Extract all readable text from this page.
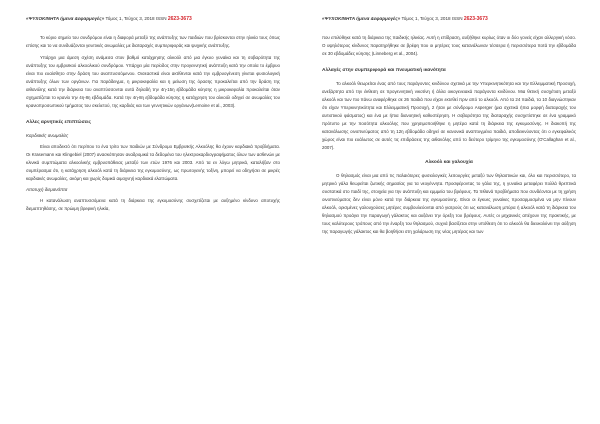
«ΨΥΧΟΚΙΝΗΤΑ ήμενα &εφαρμογές» Τόμος 1, Τεύχος 3, 2018 ISSN 2623-3673

Το κύριο σημείο του συνδρόμου είναι η διαφορά μεταξύ της ανάπτυξης των παιδιών που βρίσκονται στην ηλικία τους όπως επίσης και το να συνδυάζονται γενετικές ανωμαλίες με διαταραχές συμπεριφοράς και ψυχικής ανάπτυξης.

Υπάρχει μια άμεση σχέση ανάμεσα στον βαθμό κατάχρησης αλκοόλ από μια έγκυο γυναίκα και τη σοβαρότητα της ανάπτυξης του εμβρυϊκού αλκοολικού συνδρόμου. Υπάρχει μία περίοδος στην προγεννητική ανάπτυξη κατά την οποία το έμβρυο είναι πιο ευαίσθητο στην δράση του αναπτυσσόμενου. Οισεαστικά είναι ακτίθενται κατά την εμβρυογένεση γίνεται φυσιολογική ανάπτυξης όλων των οργάνων. Για παράδειγμα, η μικροκεφαλία και η μείωση της όρασης προκαλείται από την δράση της αιθανόλης κατά την διάρκεια του αναπτύσσονται αυτά δηλαδή την 4η-15η εβδομάδα κύησης η μικροκεφαλία προκαλείται όταν σχηματίζεται το κρανίο την 4η-8η εβδομάδα. Κατά την 4η-8η εβδομάδα κύησης η κατάχρηση του αλκοόλ οδηγεί σε ανωμαλίες του κρανιοπροσωπικού τμήματος του σκελετού, της καρδιάς και των γεννητικών οργάνων(Lemoine et al., 2003).

Αλλες αρνητικές επιπτώσεις
Καρδιακές ανωμαλίες

Είναι αποδεκτό ότι περίπου το ένα τρίτο των παιδιών με Σύνδρομο Εμβρυϊκής Αλκοόλης θα έχουν καρδιακά προβλήματα. Οι Krasemann και Klingebiel (2007) ανασκόπησαν αναδρομικά τα δεδομένα του ηλεκτροκαρδιογραφήματος όλων των ασθενών με κλινικά συμπτώματα αλκοολικής εμβρυοπάθειας μεταξύ των ετών 1976 και 2003. Από τα εν λόγω μητρικά, καταλήξαν στο συμπέρασμα ότι, η κατάχρηση αλκοόλ κατά τη διάρκεια της εγκυμοσύνης, ως πρωτογενής τοξίνη, μπορεί να οδηγήσει σε μικρές καρδιακές ανωμαλίες, ακόμη και χωρίς δομικά αιμοχνηή καρδιακά ελαττώματα.

Αποτυχή διεμανάπτα

Η κατανάλωση αναπτυσσόμενα κατά τη διάρκεια της εγκυμοσύνης συσχετίζεται με αυξημένο κίνδυνο αποτυχής διεμαπτηθάσης, σε πρώιμη βρεφική ηλικία,

«ΨΥΧΟΚΙΝΗΤΑ ήμενα &εφαρμογές» Τόμος 1, Τεύχος 3, 2018 ISSN 2623-3673

που επιλύθηκε κατά τη διάρκεια της παιδικής ηλικίας. Αυτή η επίδραση, αυξήθηκε κυρίως όταν οι δύο γονείς είχαν αλλεργική νόσο. Ο υψηλότερος κίνδυνος παρατηρήθηκε σε βρέφη που οι μητέρες τους κατανάλωναν τέσσερα ή περισσότερα ποτά την εβδομάδα σε 30 εβδομάδες κύησης (Linneberg et al., 2004).

Αλλαγές στην συμπεριφορά και πνευματική ικανότητα

Το αλκοόλ θεωρείται ένας από τους παράγοντες κινδύνου σχετικά με την Υπερκινητικότητα και την Ελλειμματική Προσοχή, ανεξάρτητα από την έκθεση σε προγεννητική νικοτίνη ή άλλα οικογενειακά παράγοντα κινδύνου. Μια θετική συσχέτιση μεταξύ αλκοόλ και των πιο πάνω αναφέρθηκε σε 26 παιδιά που είχαν εκτεθεί πριν από το αλκοόλ. Από τα 24 παιδιά, τα 10 διαγνώστηκαν ότι είχαν Υπερκινητικότητα και Ελλειμματική Προσοχή, 2 ήταν με σύνδρομο Asperger (μια σχετικά ήπια μορφή διαταραχής του αυτιστικού φάσματος) και ένα με ήπια διανοητική καθυστέρηση. Η σοβαρότητα της διαταραχής συσχετίστηκε σε ένα γραμμικό πρότυπο με την ποσότητα αλκοόλης που χρησιμοποιήθηκε η μητέρα κατά τη διάρκεια της εγκυμοσύνης. Η διακοπή της κατανάλωσης οινοπνεύματος από τη 12η εβδομάδα οδηγεί σε κανονικά αναπτυγμένα παιδιά, αποδεικνύοντας ότι ο εγκεφαλικός χώρος είναι πιο ευάλωτος σε αυτές τις επιδράσεις της αιθανόλης από το δεύτερο τρίμηνο της εγκυμοσύνης (O'Callaghan et al., 2007).

Αλκοόλ και γαλουχία

Ο θηλασμός είναι μια από τις παλαιότερες φυσιολογικές λειτουργίες μεταξύ των θηλαστικών και, όλο και περισσότερο, τα μητρικό γάλα θεωρείται ζωτικής σημασίας για τα νεογέννητα. Προσφέροντας το γάλα της, η γυναίκα μεταφέρει πολλά θρεπτικά συστατικά στο παιδί της, στοιχεία για την ανάπτυξη και εμμμεία του βρέφους. Τα πιθανά προβλήματα που συνδέονται με τη χρήση οινοπνεύματος δεν είναι μόνο κατά την διάρκεια της εγκυμοσύνης. Είναι οι έγκυες γυναίκες προσαρμοσμένα να μην πίνουν αλκοόλ, ορισμένες γαλουχούσες μητέρες συμβουλεύονται από γιατρούς ότι ως κατανάλωση μπύρα ή αλκοόλ κατά τη διάρκεια του θηλασμού προάγει την παραγωγή γάλακτος και αυξάνει την όρεξη του βρέφους. Αυτές οι μηχανικές απέχουν της πρακτικής, με τους καλύτερους τρόπους από την έναρξη του θηλασμού, συχνά βασίζεται στην υπόθεση ότι το αλκοόλ θα διευκολύνει την αύξηση της παραγωγής γάλακτος και θα βοηθήσει στη χαλάρωση της νέας μητέρας και των
